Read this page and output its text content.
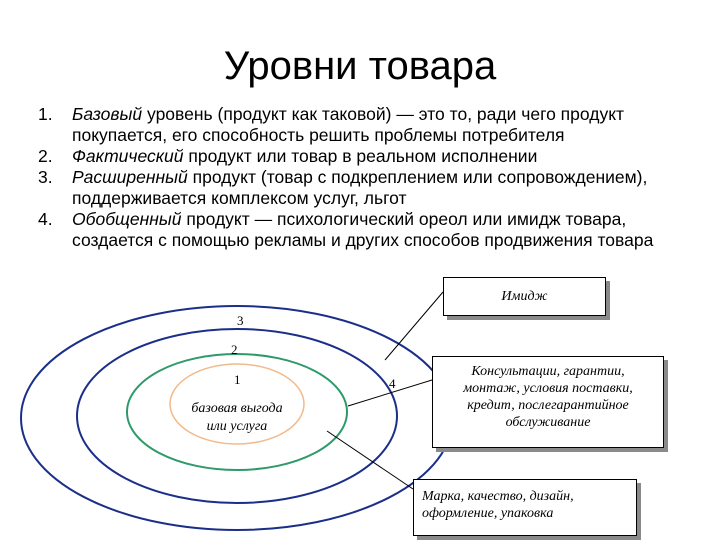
Уровни товара
1. Базовый уровень (продукт как таковой) — это то, ради чего продукт покупается, его способность решить проблемы потребителя
2. Фактический продукт или товар в реальном исполнении
3. Расширенный продукт (товар с подкреплением или сопровождением), поддерживается комплексом услуг, льгот
4. Обобщенный продукт — психологический ореол или имидж товара, создается с помощью рекламы и других способов продвижения товара
1
2
3
4
базовая выгода
или услуга
Имидж
Консультации, гарантии,
монтаж, условия поставки,
кредит, послегарантийное
обслуживание
Марка, качество, дизайн,
оформление, упаковка
